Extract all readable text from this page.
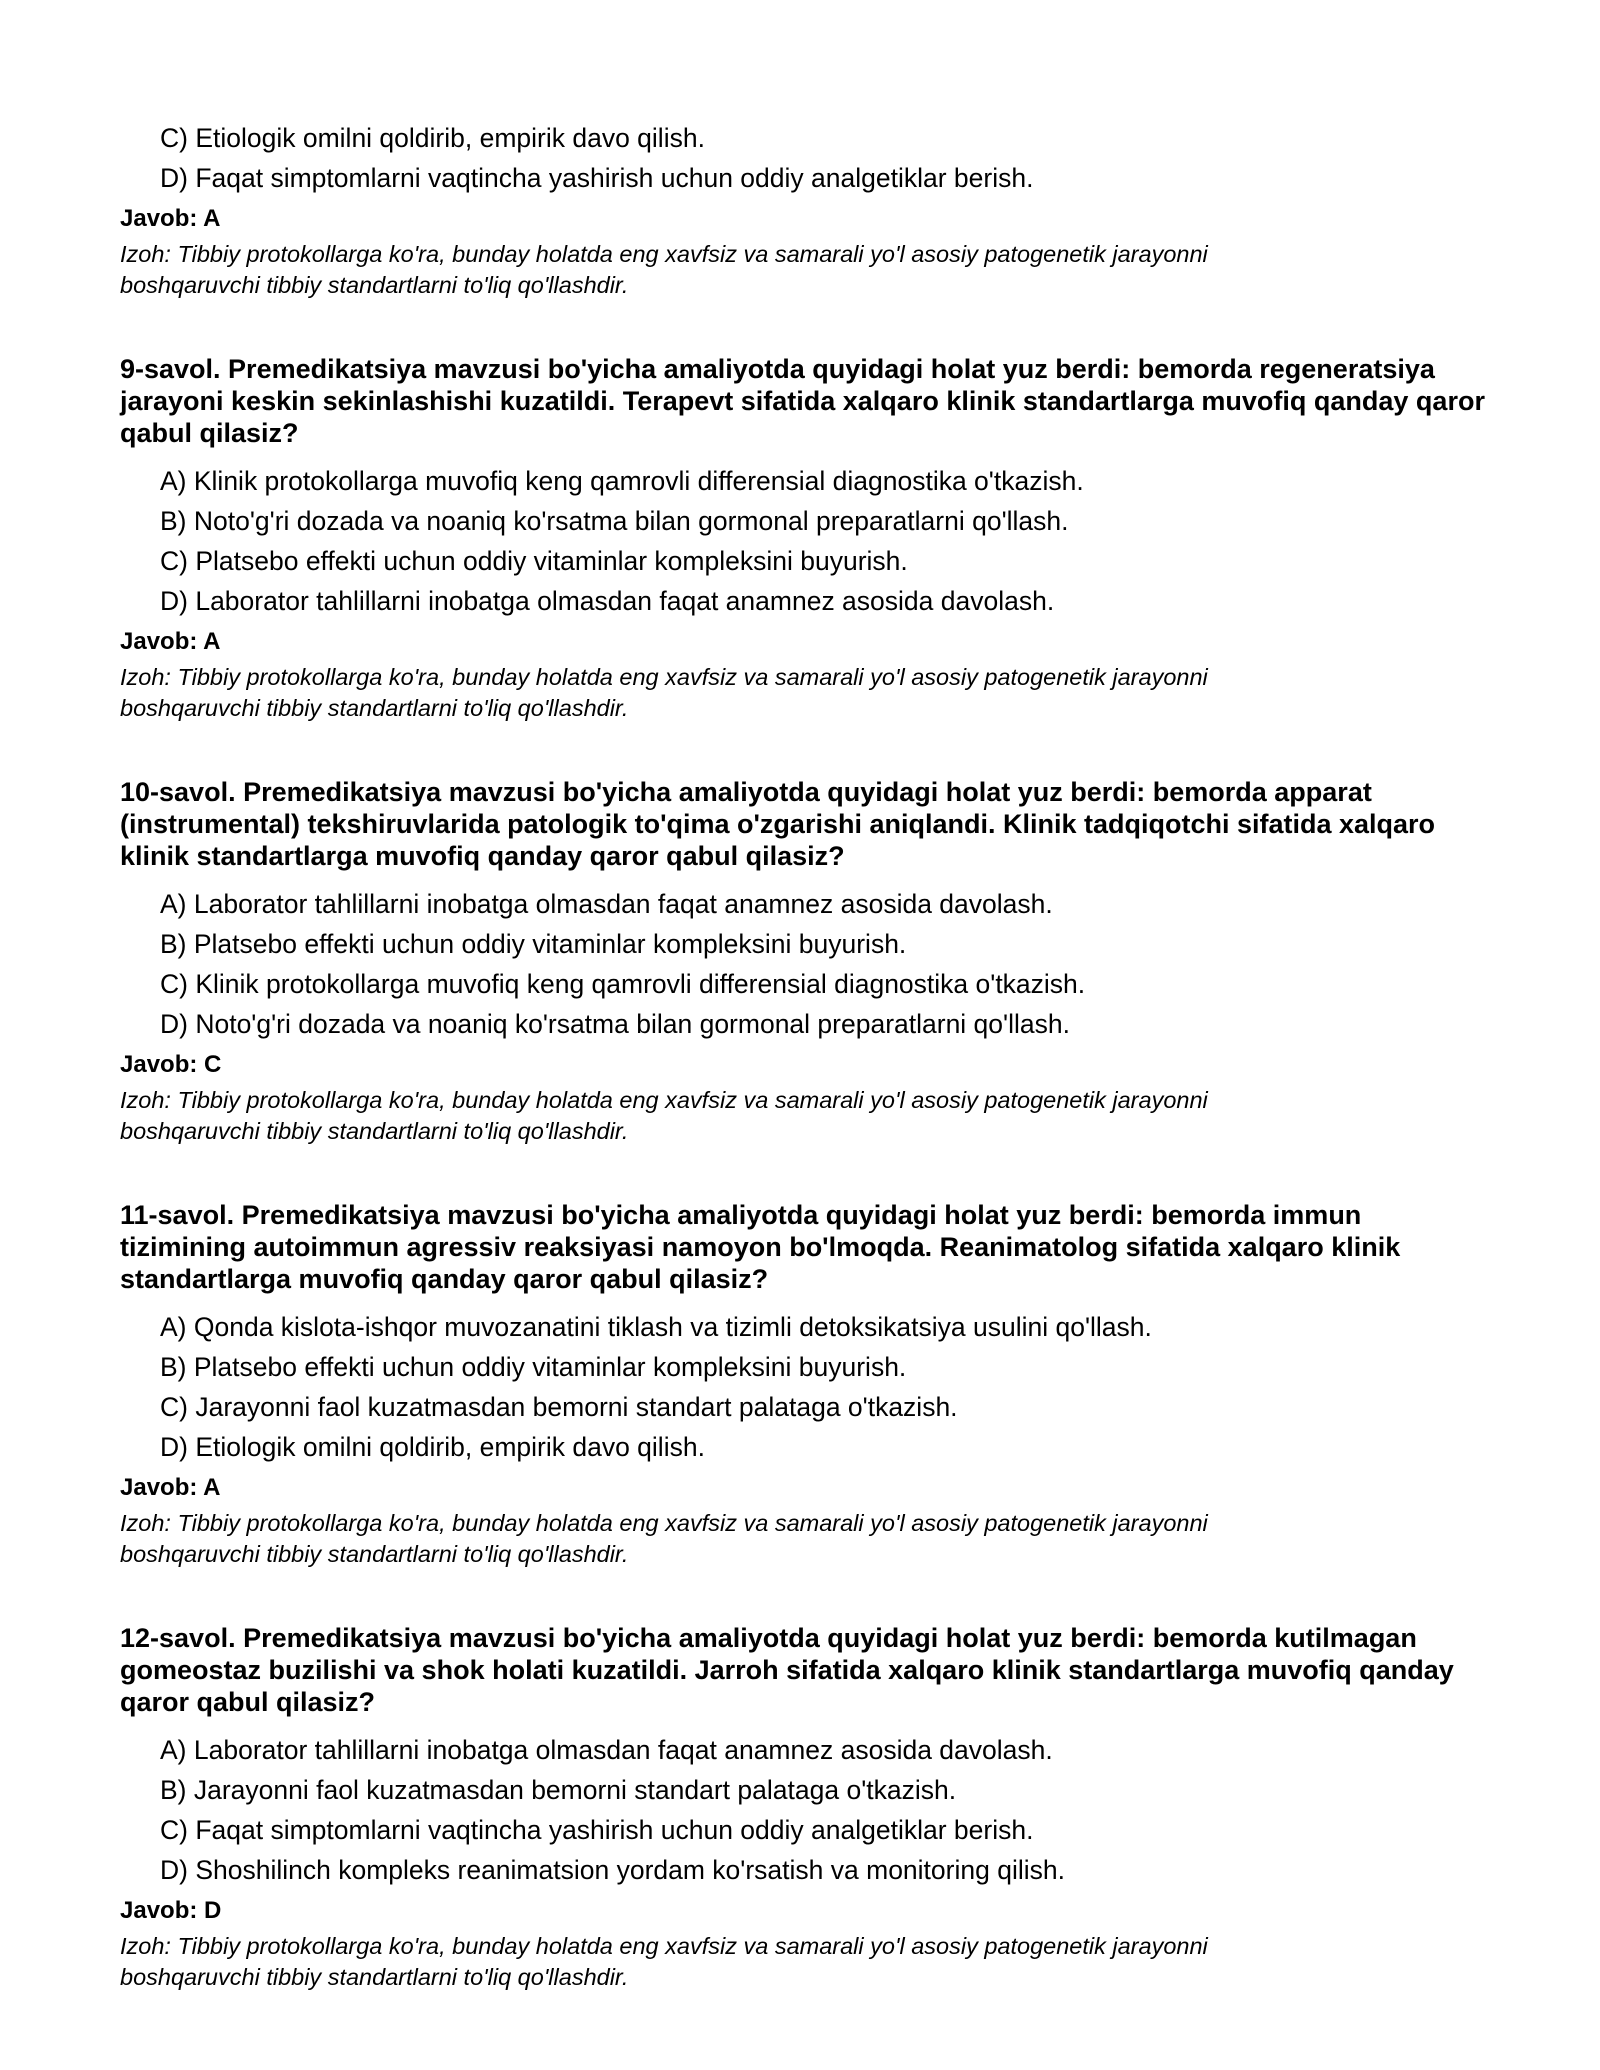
C) Etiologik omilni qoldirib, empirik davo qilish.
D) Faqat simptomlarni vaqtincha yashirish uchun oddiy analgetiklar berish.
Javob: A
Izoh: Tibbiy protokollarga ko'ra, bunday holatda eng xavfsiz va samarali yo'l asosiy patogenetik jarayonni
boshqaruvchi tibbiy standartlarni to'liq qo'llashdir.
9-savol. Premedikatsiya mavzusi bo'yicha amaliyotda quyidagi holat yuz berdi: bemorda regeneratsiya jarayoni keskin sekinlashishi kuzatildi. Terapevt sifatida xalqaro klinik standartlarga muvofiq qanday qaror qabul qilasiz?
A) Klinik protokollarga muvofiq keng qamrovli differensial diagnostika o'tkazish.
B) Noto'g'ri dozada va noaniq ko'rsatma bilan gormonal preparatlarni qo'llash.
C) Platsebo effekti uchun oddiy vitaminlar kompleksini buyurish.
D) Laborator tahlillarni inobatga olmasdan faqat anamnez asosida davolash.
Javob: A
Izoh: Tibbiy protokollarga ko'ra, bunday holatda eng xavfsiz va samarali yo'l asosiy patogenetik jarayonni
boshqaruvchi tibbiy standartlarni to'liq qo'llashdir.
10-savol. Premedikatsiya mavzusi bo'yicha amaliyotda quyidagi holat yuz berdi: bemorda apparat (instrumental) tekshiruvlarida patologik to'qima o'zgarishi aniqlandi. Klinik tadqiqotchi sifatida xalqaro klinik standartlarga muvofiq qanday qaror qabul qilasiz?
A) Laborator tahlillarni inobatga olmasdan faqat anamnez asosida davolash.
B) Platsebo effekti uchun oddiy vitaminlar kompleksini buyurish.
C) Klinik protokollarga muvofiq keng qamrovli differensial diagnostika o'tkazish.
D) Noto'g'ri dozada va noaniq ko'rsatma bilan gormonal preparatlarni qo'llash.
Javob: C
Izoh: Tibbiy protokollarga ko'ra, bunday holatda eng xavfsiz va samarali yo'l asosiy patogenetik jarayonni
boshqaruvchi tibbiy standartlarni to'liq qo'llashdir.
11-savol. Premedikatsiya mavzusi bo'yicha amaliyotda quyidagi holat yuz berdi: bemorda immun tizimining autoimmun agressiv reaksiyasi namoyon bo'lmoqda. Reanimatolog sifatida xalqaro klinik standartlarga muvofiq qanday qaror qabul qilasiz?
A) Qonda kislota-ishqor muvozanatini tiklash va tizimli detoksikatsiya usulini qo'llash.
B) Platsebo effekti uchun oddiy vitaminlar kompleksini buyurish.
C) Jarayonni faol kuzatmasdan bemorni standart palataga o'tkazish.
D) Etiologik omilni qoldirib, empirik davo qilish.
Javob: A
Izoh: Tibbiy protokollarga ko'ra, bunday holatda eng xavfsiz va samarali yo'l asosiy patogenetik jarayonni
boshqaruvchi tibbiy standartlarni to'liq qo'llashdir.
12-savol. Premedikatsiya mavzusi bo'yicha amaliyotda quyidagi holat yuz berdi: bemorda kutilmagan gomeostaz buzilishi va shok holati kuzatildi. Jarroh sifatida xalqaro klinik standartlarga muvofiq qanday qaror qabul qilasiz?
A) Laborator tahlillarni inobatga olmasdan faqat anamnez asosida davolash.
B) Jarayonni faol kuzatmasdan bemorni standart palataga o'tkazish.
C) Faqat simptomlarni vaqtincha yashirish uchun oddiy analgetiklar berish.
D) Shoshilinch kompleks reanimatsion yordam ko'rsatish va monitoring qilish.
Javob: D
Izoh: Tibbiy protokollarga ko'ra, bunday holatda eng xavfsiz va samarali yo'l asosiy patogenetik jarayonni
boshqaruvchi tibbiy standartlarni to'liq qo'llashdir.
